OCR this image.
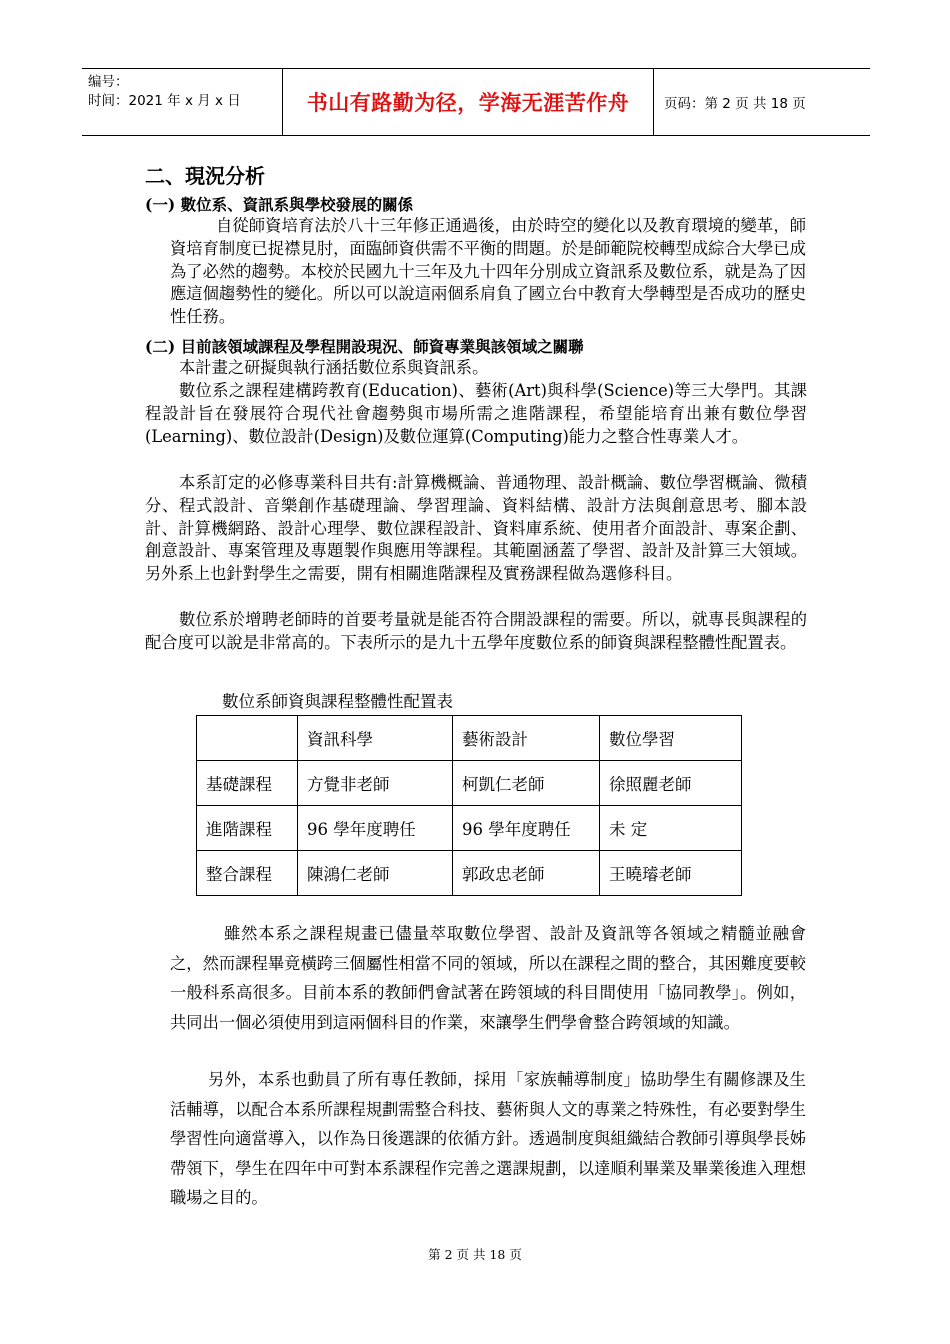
编号：
时间：2021 年 x 月 x 日	书山有路勤为径，学海无涯苦作舟	页码：第 2 页 共 18 页
二、現況分析
(一) 數位系、資訊系與學校發展的關係

自從師資培育法於八十三年修正通過後，由於時空的變化以及教育環境的變革，師資培育制度已捉襟見肘，面臨師資供需不平衡的問題。於是師範院校轉型成綜合大學已成為了必然的趨勢。本校於民國九十三年及九十四年分別成立資訊系及數位系，就是為了因應這個趨勢性的變化。所以可以說這兩個系肩負了國立台中教育大學轉型是否成功的歷史性任務。

(二) 目前該領域課程及學程開設現況、師資專業與該領域之關聯

本計畫之研擬與執行涵括數位系與資訊系。

數位系之課程建構跨教育(Education)、藝術(Art)與科學(Science)等三大學門。其課程設計旨在發展符合現代社會趨勢與市場所需之進階課程，希望能培育出兼有數位學習(Learning)、數位設計(Design)及數位運算(Computing)能力之整合性專業人才。

本系訂定的必修專業科目共有:計算機概論、普通物理、設計概論、數位學習概論、微積分、程式設計、音樂創作基礎理論、學習理論、資料結構、設計方法與創意思考、腳本設計、計算機網路、設計心理學、數位課程設計、資料庫系統、使用者介面設計、專案企劃、創意設計、專案管理及專題製作與應用等課程。其範圍涵蓋了學習、設計及計算三大領域。另外系上也針對學生之需要，開有相關進階課程及實務課程做為選修科目。

數位系於增聘老師時的首要考量就是能否符合開設課程的需要。所以，就專長與課程的配合度可以說是非常高的。下表所示的是九十五學年度數位系的師資與課程整體性配置表。

數位系師資與課程整體性配置表
	資訊科學	藝術設計	數位學習
基礎課程	方覺非老師	柯凱仁老師	徐照麗老師
進階課程	96 學年度聘任	96 學年度聘任	未 定
整合課程	陳鴻仁老師	郭政忠老師	王曉璿老師

雖然本系之課程規畫已儘量萃取數位學習、設計及資訊等各領域之精髓並融會之，然而課程畢竟橫跨三個屬性相當不同的領域，所以在課程之間的整合，其困難度要較一般科系高很多。目前本系的教師們會試著在跨領域的科目間使用「協同教學」。例如，共同出一個必須使用到這兩個科目的作業，來讓學生們學會整合跨領域的知識。

另外，本系也動員了所有專任教師，採用「家族輔導制度」協助學生有關修課及生活輔導，以配合本系所課程規劃需整合科技、藝術與人文的專業之特殊性，有必要對學生學習性向適當導入，以作為日後選課的依循方針。透過制度與組織結合教師引導與學長姊帶領下，學生在四年中可對本系課程作完善之選課規劃，以達順利畢業及畢業後進入理想職場之目的。

第 2 页 共 18 页
